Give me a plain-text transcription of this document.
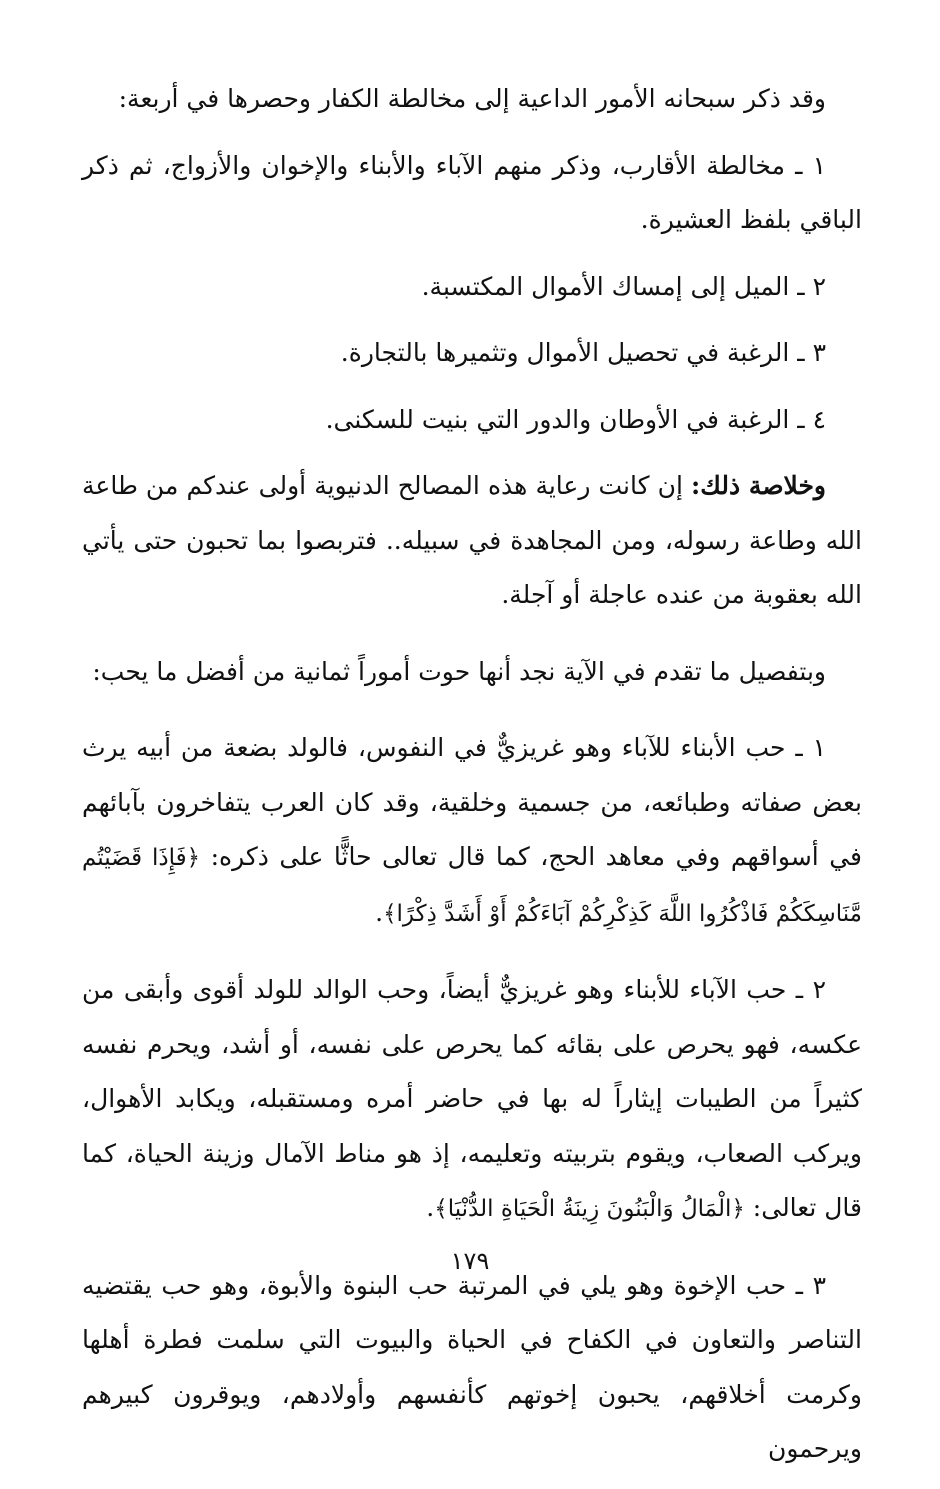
وقد ذكر سبحانه الأمور الداعية إلى مخالطة الكفار وحصرها في أربعة:

١ ـ مخالطة الأقارب، وذكر منهم الآباء والأبناء والإخوان والأزواج، ثم ذكر الباقي بلفظ العشيرة.

٢ ـ الميل إلى إمساك الأموال المكتسبة.

٣ ـ الرغبة في تحصيل الأموال وتثميرها بالتجارة.

٤ ـ الرغبة في الأوطان والدور التي بنيت للسكنى.

وخلاصة ذلك: إن كانت رعاية هذه المصالح الدنيوية أولى عندكم من طاعة الله وطاعة رسوله، ومن المجاهدة في سبيله.. فتربصوا بما تحبون حتى يأتي الله بعقوبة من عنده عاجلة أو آجلة.

وبتفصيل ما تقدم في الآية نجد أنها حوت أموراً ثمانية من أفضل ما يحب:

١ ـ حب الأبناء للآباء وهو غريزيٌّ في النفوس، فالولد بضعة من أبيه يرث بعض صفاته وطبائعه، من جسمية وخلقية، وقد كان العرب يتفاخرون بآبائهم في أسواقهم وفي معاهد الحج، كما قال تعالى حاثًّا على ذكره: ﴿فَإِذَا قَضَيْتُم مَّنَاسِكَكُمْ فَاذْكُرُوا اللَّهَ كَذِكْرِكُمْ آبَاءَكُمْ أَوْ أَشَدَّ ذِكْرًا﴾.

٢ ـ حب الآباء للأبناء وهو غريزيٌّ أيضاً، وحب الوالد للولد أقوى وأبقى من عكسه، فهو يحرص على بقائه كما يحرص على نفسه، أو أشد، ويحرم نفسه كثيراً من الطيبات إيثاراً له بها في حاضر أمره ومستقبله، ويكابد الأهوال، ويركب الصعاب، ويقوم بتربيته وتعليمه، إذ هو مناط الآمال وزينة الحياة، كما قال تعالى: ﴿الْمَالُ وَالْبَنُونَ زِينَةُ الْحَيَاةِ الدُّنْيَا﴾.

٣ ـ حب الإخوة وهو يلي في المرتبة حب البنوة والأبوة، وهو حب يقتضيه التناصر والتعاون في الكفاح في الحياة والبيوت التي سلمت فطرة أهلها وكرمت أخلاقهم، يحبون إخوتهم كأنفسهم وأولادهم، ويوقرون كبيرهم ويرحمون

١٧٩
